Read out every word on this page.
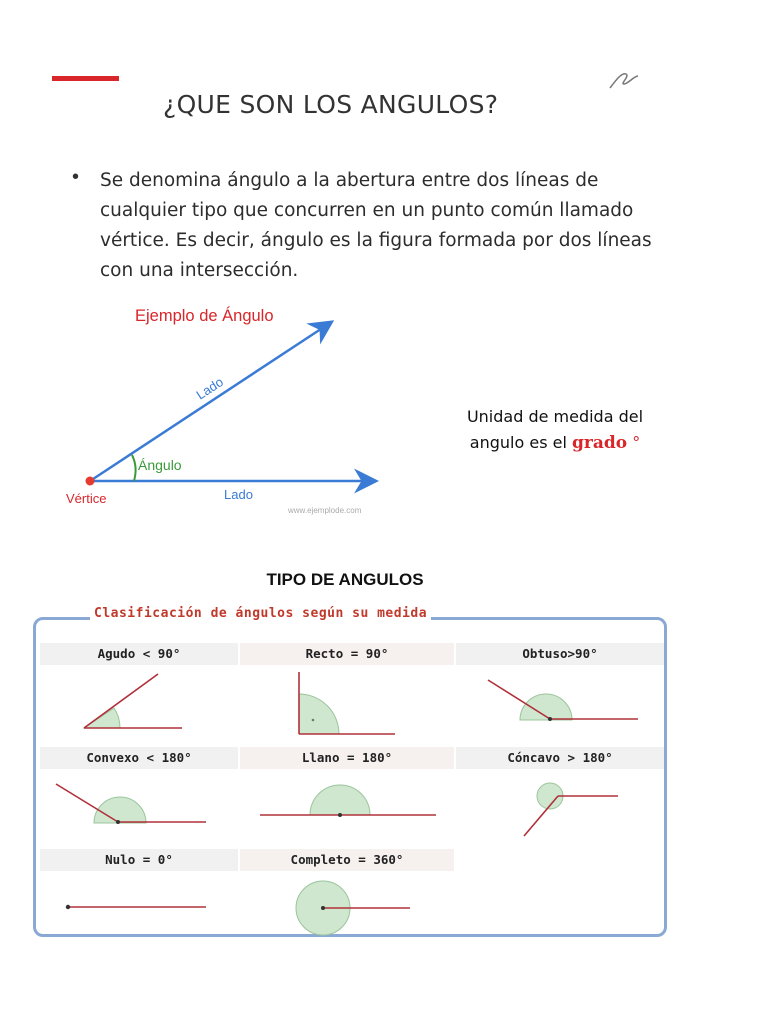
¿QUE SON LOS ANGULOS?
• Se denomina ángulo a la abertura entre dos líneas de cualquier tipo que concurren en un punto común llamado vértice. Es decir, ángulo es la figura formada por dos líneas con una intersección.
Ejemplo de Ángulo
Lado
Lado
Ángulo
Vértice
www.ejemplode.com
Unidad de medida del
angulo es el grado °
TIPO DE ANGULOS
Clasificación de ángulos según su medida
Agudo < 90°	Recto = 90°	Obtuso>90°
Convexo < 180°	Llano = 180°	Cóncavo > 180°
Nulo = 0°	Completo = 360°
